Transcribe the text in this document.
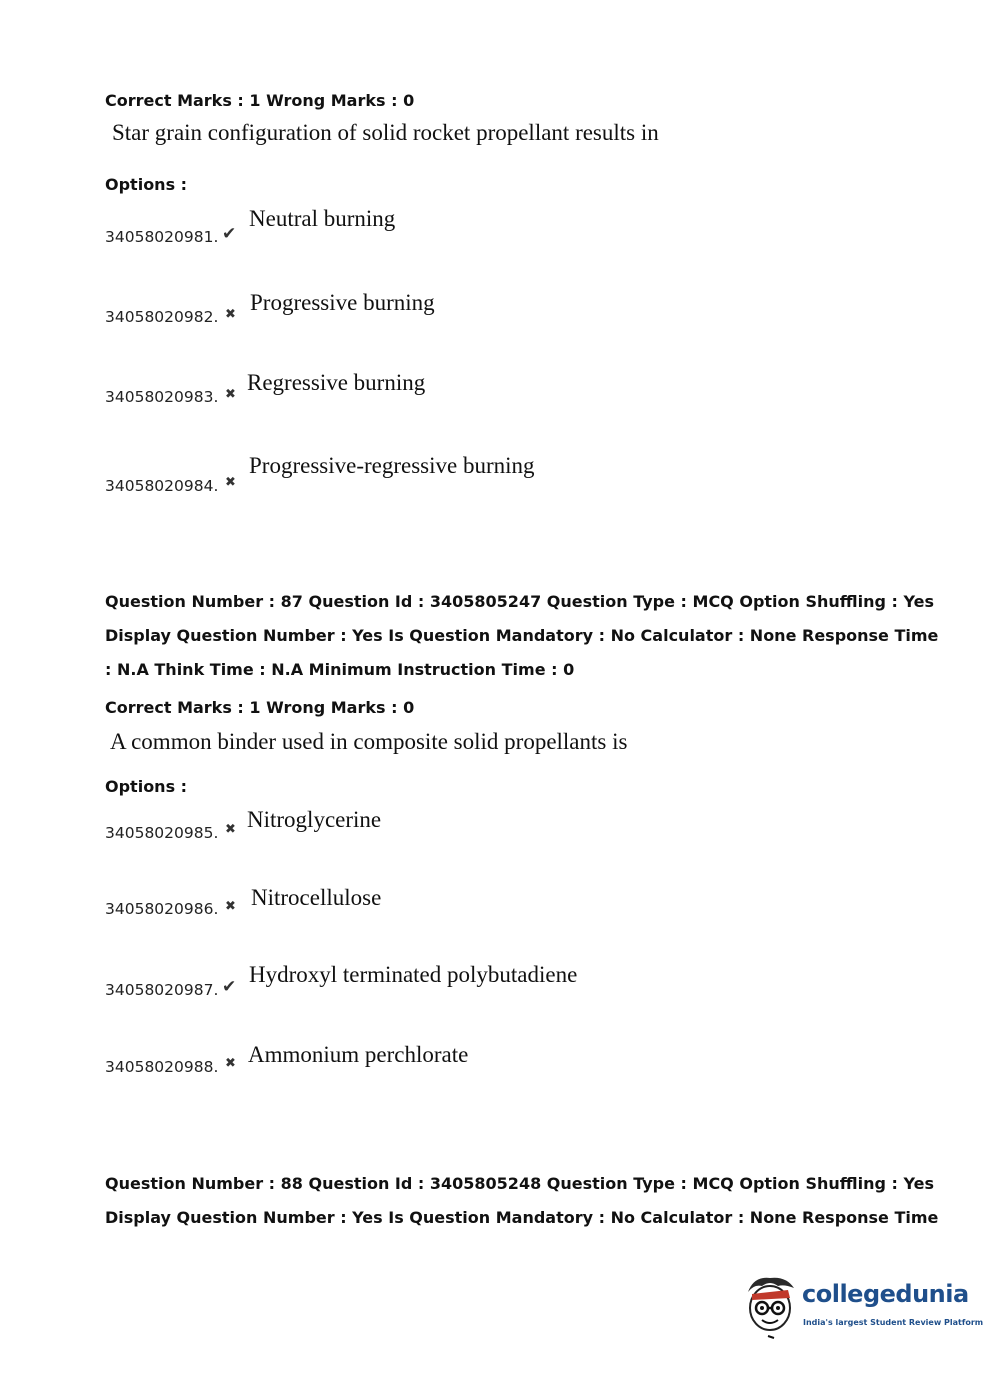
Correct Marks : 1 Wrong Marks : 0
Star grain configuration of solid rocket propellant results in
Options :
34058020981. ✔
Neutral burning
34058020982. ✖ Progressive burning
34058020983. ✖ Regressive burning
34058020984. ✖
Progressive-regressive burning
Question Number : 87 Question Id : 3405805247 Question Type : MCQ Option Shuffling : Yes
Display Question Number : Yes Is Question Mandatory : No Calculator : None Response Time
: N.A Think Time : N.A Minimum Instruction Time : 0
Correct Marks : 1 Wrong Marks : 0
A common binder used in composite solid propellants is
Options :
34058020985. ✖ Nitroglycerine
34058020986. ✖ Nitrocellulose
34058020987. ✔ Hydroxyl terminated polybutadiene
34058020988. ✖ Ammonium perchlorate
Question Number : 88 Question Id : 3405805248 Question Type : MCQ Option Shuffling : Yes
Display Question Number : Yes Is Question Mandatory : No Calculator : None Response Time
collegedunia
India's largest Student Review Platform
